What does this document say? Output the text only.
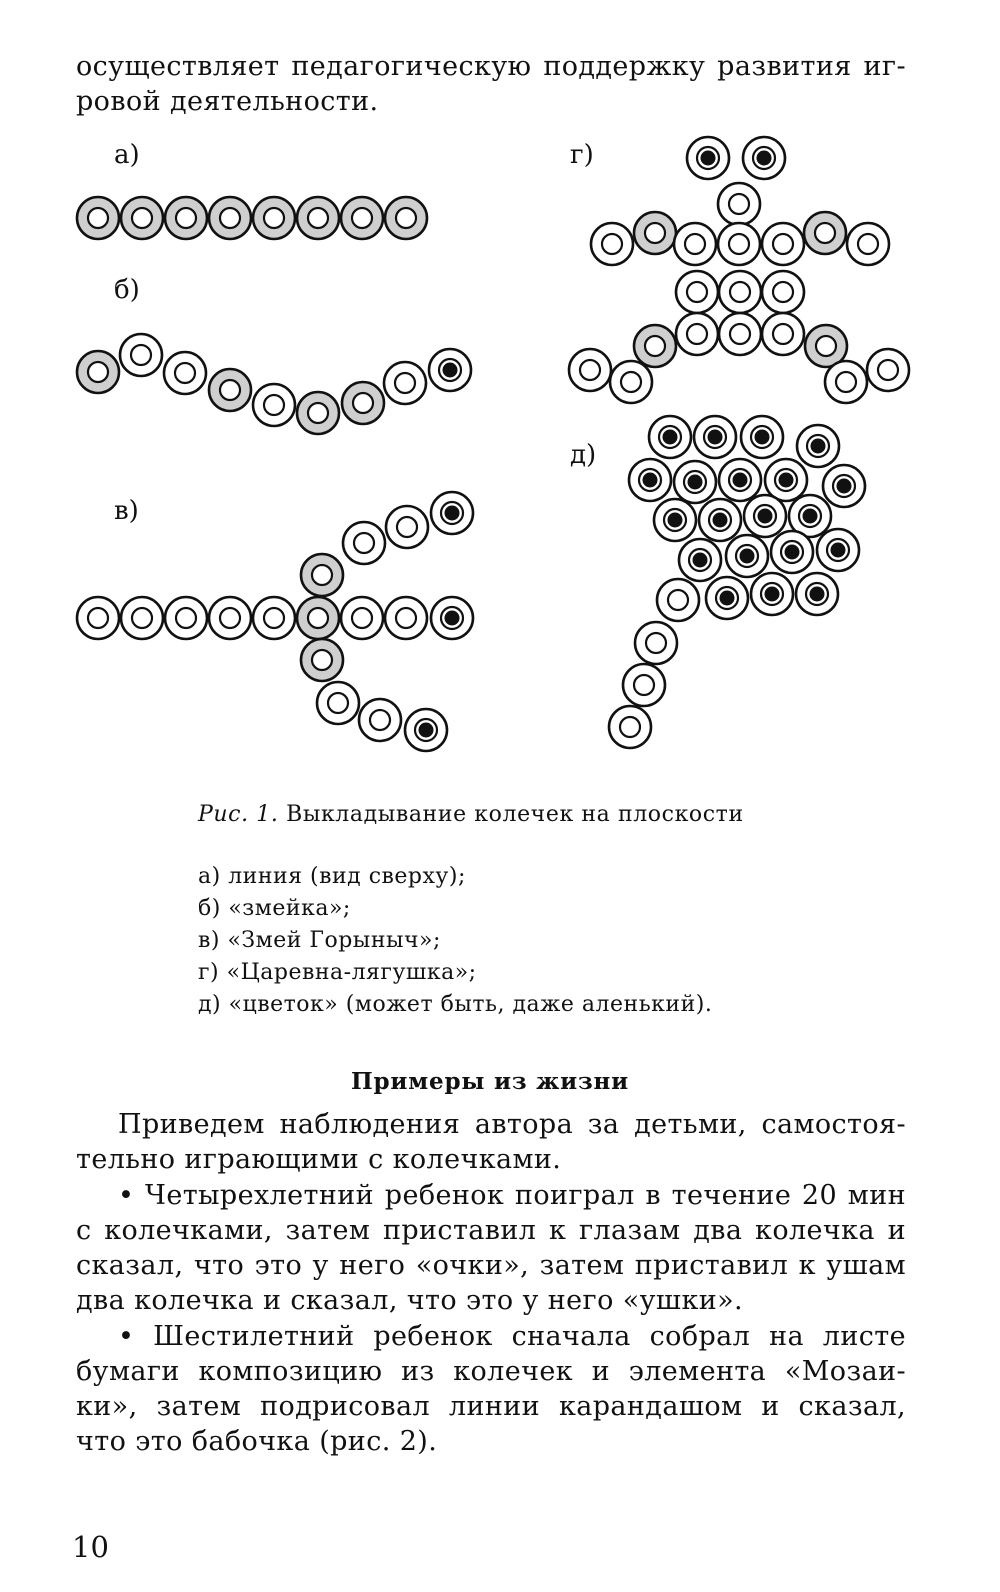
осуществляет педагогическую поддержку развития иг-
ровой деятельности.
а)
б)
в)
г)
д)
Рис. 1. Выкладывание колечек на плоскости
а) линия (вид сверху);
б) «змейка»;
в) «Змей Горыныч»;
г) «Царевна-лягушка»;
д) «цветок» (может быть, даже аленький).
Примеры из жизни
Приведем наблюдения автора за детьми, самостоя-
тельно играющими с колечками.
• Четырехлетний ребенок поиграл в течение 20 мин
с колечками, затем приставил к глазам два колечка и
сказал, что это у него «очки», затем приставил к ушам
два колечка и сказал, что это у него «ушки».
• Шестилетний ребенок сначала собрал на листе
бумаги композицию из колечек и элемента «Мозаи-
ки», затем подрисовал линии карандашом и сказал,
что это бабочка (рис. 2).
10
